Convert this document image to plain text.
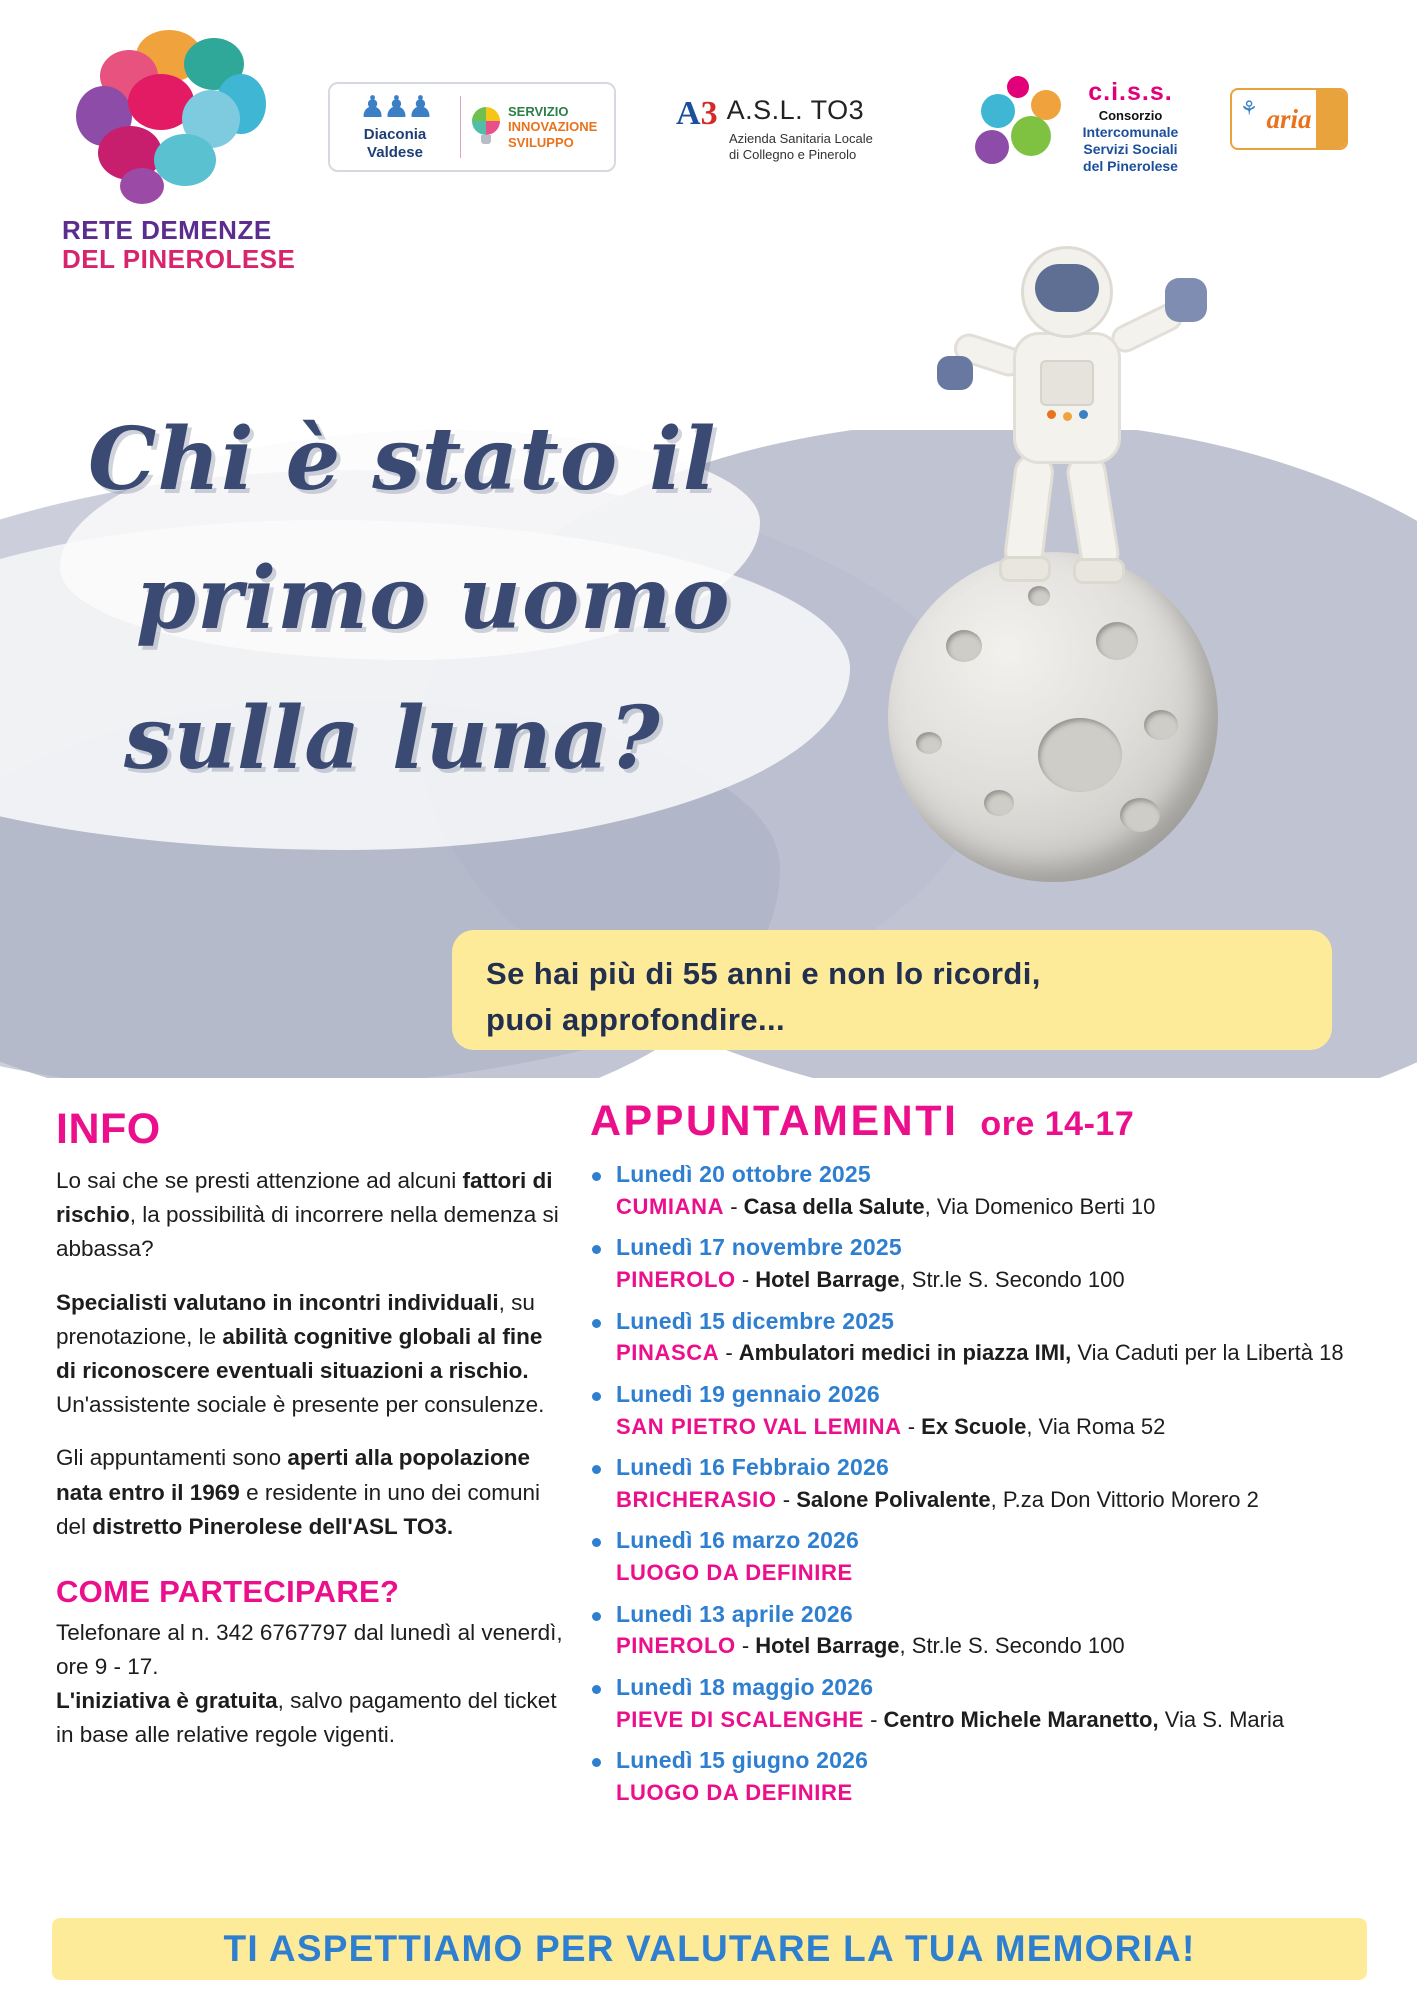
RETE DEMENZE
DEL PINEROLESE
♟♟♟
Diaconia
Valdese
SERVIZIO
INNOVAZIONE
SVILUPPO
A3 A.S.L. TO3
Azienda Sanitaria Locale
di Collegno e Pinerolo
c.i.s.s.
Consorzio
Intercomunale
Servizi Sociali
del Pinerolese
⚘ aria
Chi è stato il
primo uomo
sulla luna?
Se hai più di 55 anni e non lo ricordi,
puoi approfondire...
INFO

Lo sai che se presti attenzione ad alcuni fattori di rischio, la possibilità di incorrere nella demenza si abbassa?

Specialisti valutano in incontri individuali, su prenotazione, le abilità cognitive globali al fine di riconoscere eventuali situazioni a rischio. Un'assistente sociale è presente per consulenze.

Gli appuntamenti sono aperti alla popolazione nata entro il 1969 e residente in uno dei comuni del distretto Pinerolese dell'ASL TO3.

COME PARTECIPARE?

Telefonare al n. 342 6767797 dal lunedì al venerdì, ore 9 - 17.

L'iniziativa è gratuita, salvo pagamento del ticket in base alle relative regole vigenti.

APPUNTAMENTI ore 14-17
Lunedì 20 ottobre 2025
CUMIANA - Casa della Salute, Via Domenico Berti 10
Lunedì 17 novembre 2025
PINEROLO - Hotel Barrage, Str.le S. Secondo 100
Lunedì 15 dicembre 2025
PINASCA - Ambulatori medici in piazza IMI, Via Caduti per la Libertà 18
Lunedì 19 gennaio 2026
SAN PIETRO VAL LEMINA - Ex Scuole, Via Roma 52
Lunedì 16 Febbraio 2026
BRICHERASIO - Salone Polivalente, P.za Don Vittorio Morero 2
Lunedì 16 marzo 2026
LUOGO DA DEFINIRE
Lunedì 13 aprile 2026
PINEROLO - Hotel Barrage, Str.le S. Secondo 100
Lunedì 18 maggio 2026
PIEVE DI SCALENGHE - Centro Michele Maranetto, Via S. Maria
Lunedì 15 giugno 2026
LUOGO DA DEFINIRE
TI ASPETTIAMO PER VALUTARE LA TUA MEMORIA!
